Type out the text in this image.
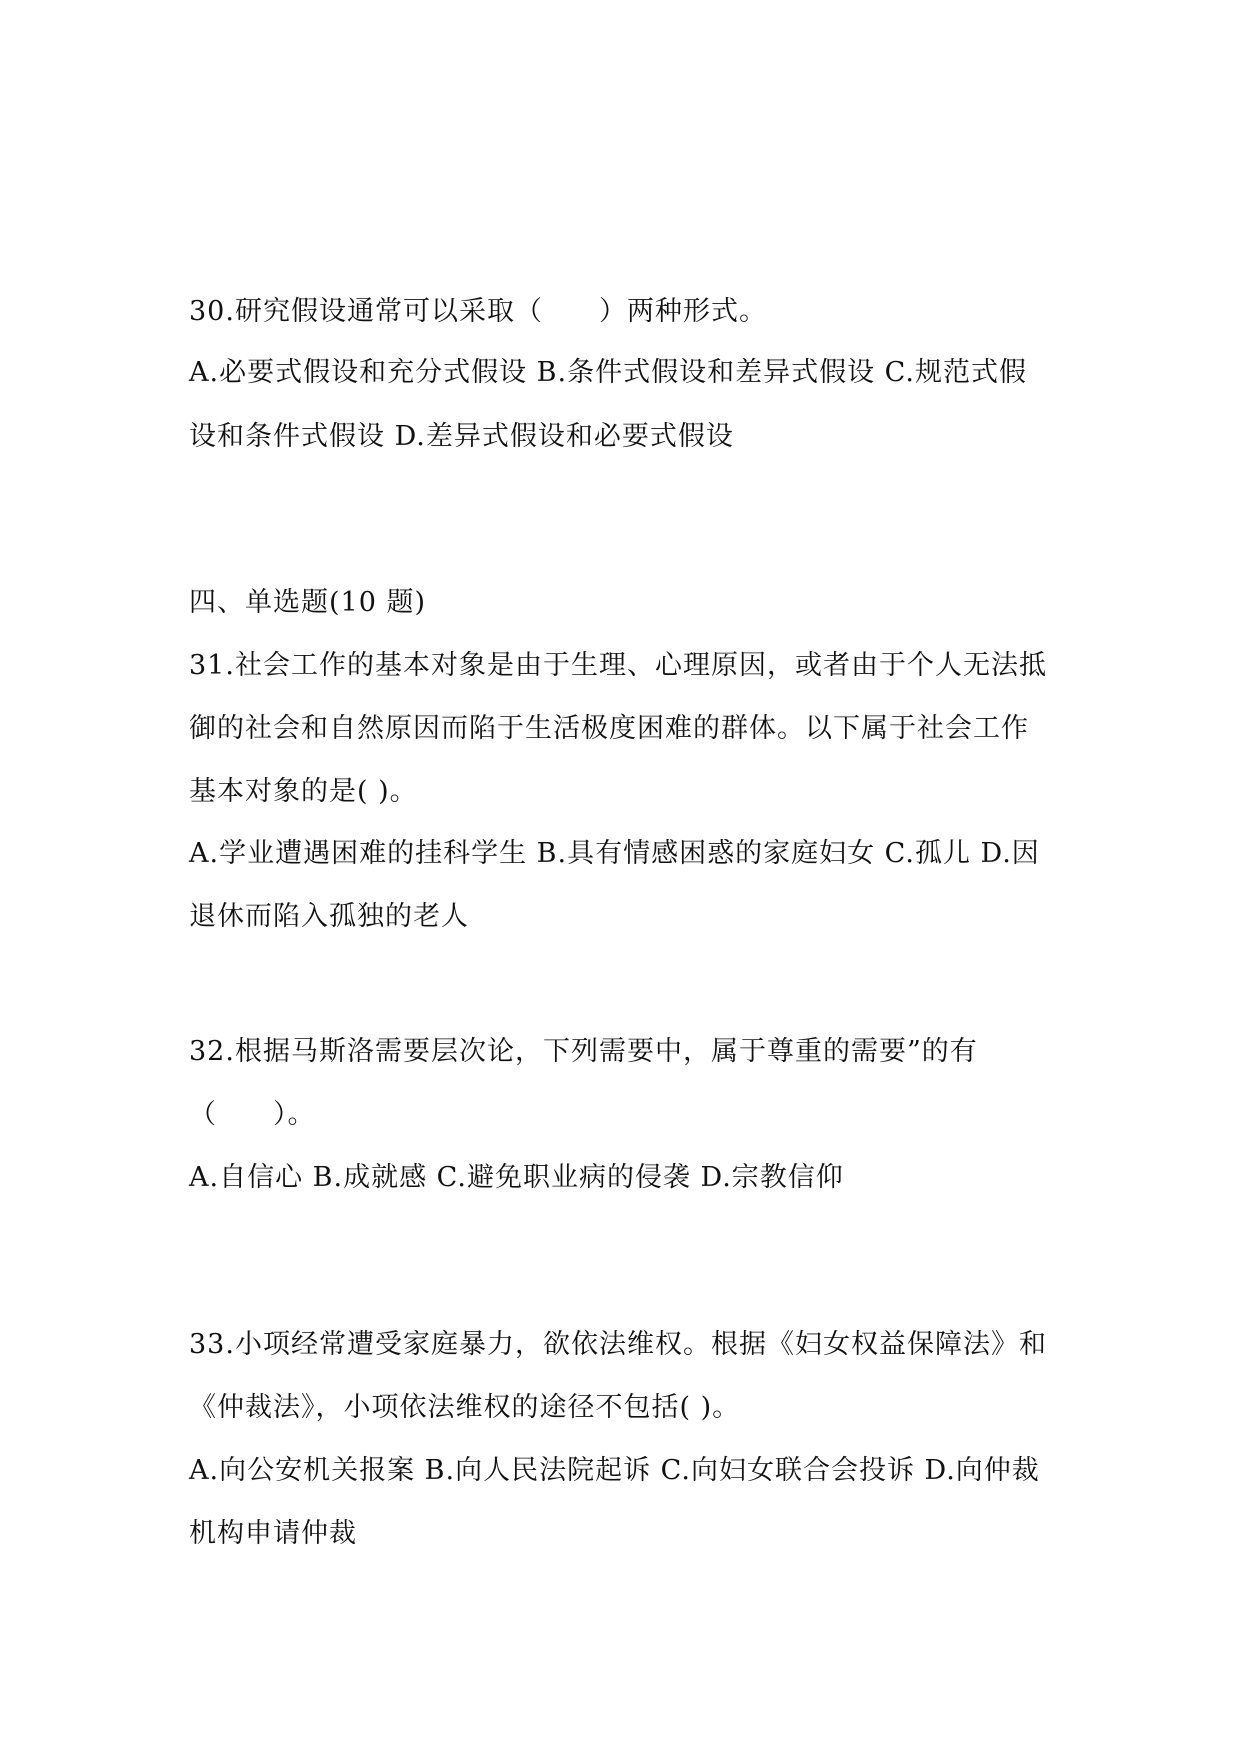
30.研究假设通常可以采取（　　）两种形式。
A.必要式假设和充分式假设 B.条件式假设和差异式假设 C.规范式假
设和条件式假设 D.差异式假设和必要式假设
四、单选题(10 题)
31.社会工作的基本对象是由于生理、心理原因，或者由于个人无法抵
御的社会和自然原因而陷于生活极度困难的群体。以下属于社会工作
基本对象的是( )。
A.学业遭遇困难的挂科学生 B.具有情感困惑的家庭妇女 C.孤儿 D.因
退休而陷入孤独的老人
32.根据马斯洛需要层次论，下列需要中，属于尊重的需要”的有
（　　）。
A.自信心 B.成就感 C.避免职业病的侵袭 D.宗教信仰
33.小项经常遭受家庭暴力，欲依法维权。根据《妇女权益保障法》和
《仲裁法》，小项依法维权的途径不包括( )。
A.向公安机关报案 B.向人民法院起诉 C.向妇女联合会投诉 D.向仲裁
机构申请仲裁
